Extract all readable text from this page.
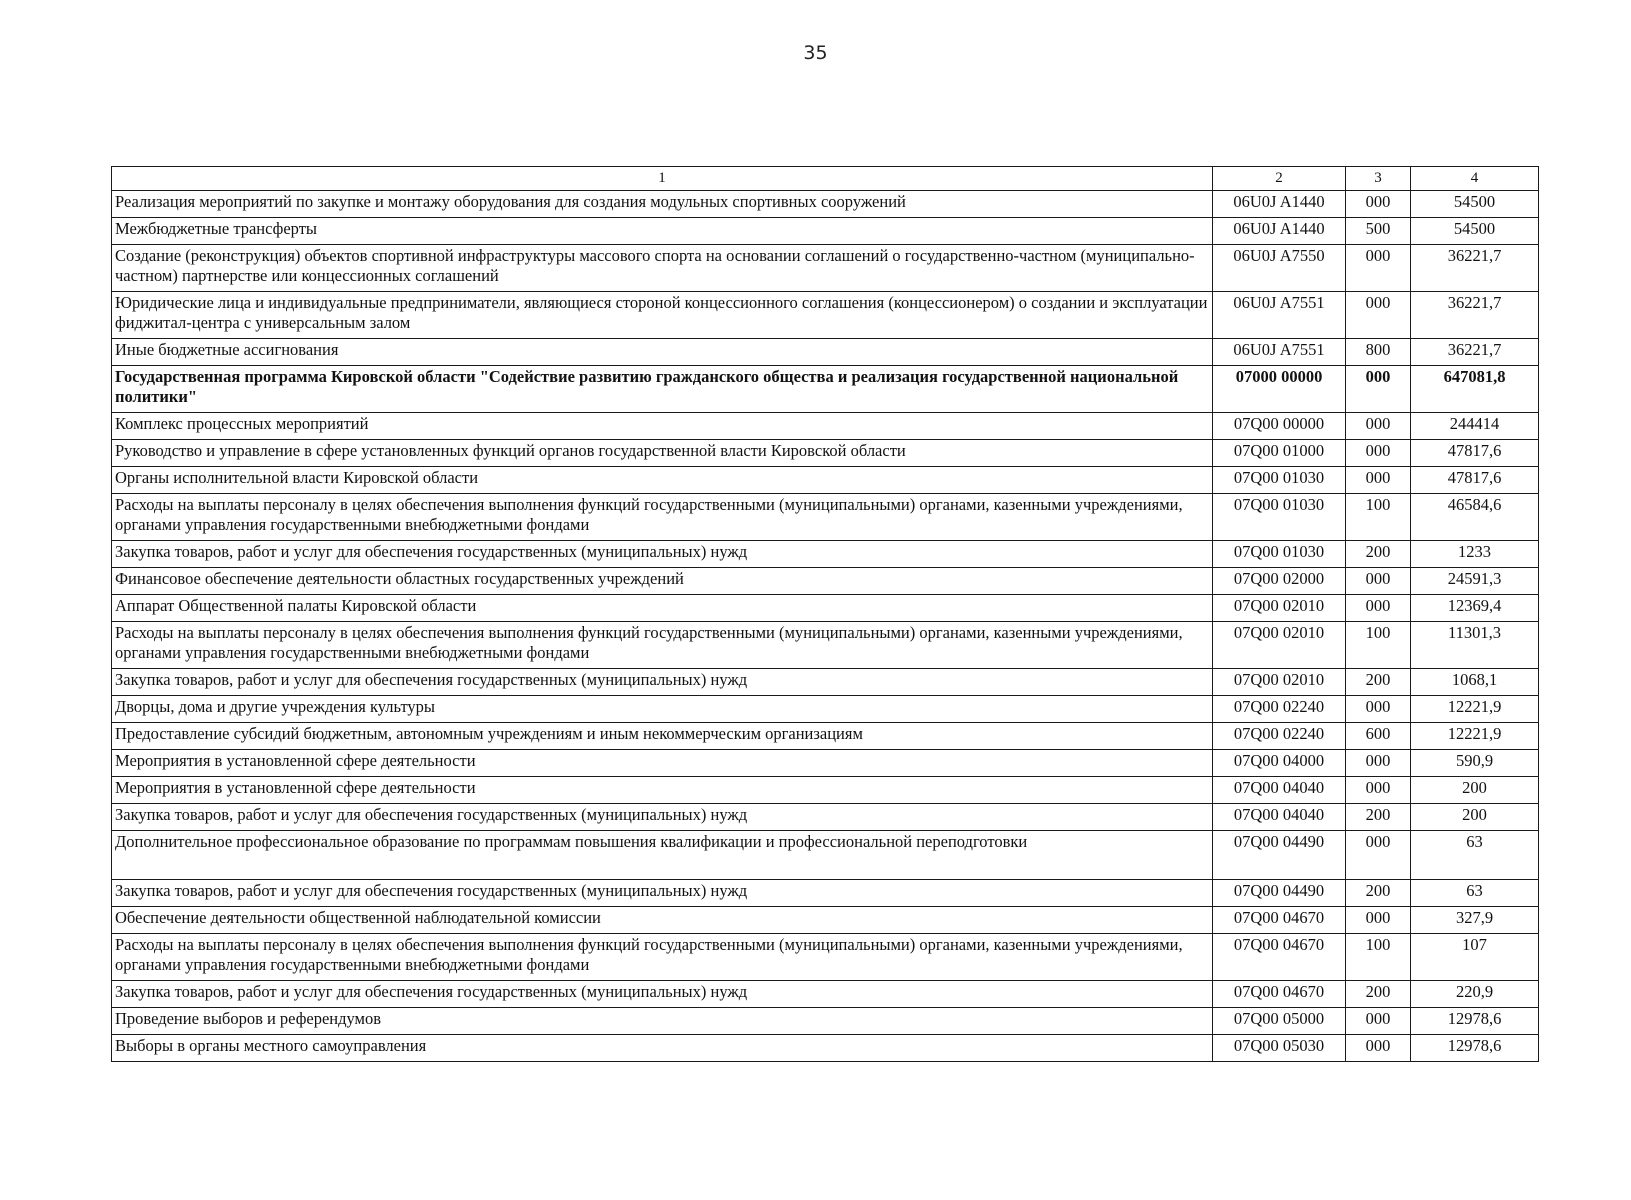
35
1	2	3	4
Реализация мероприятий по закупке и монтажу оборудования для создания модульных спортивных сооружений	06U0J A1440	000	54500
Межбюджетные трансферты	06U0J A1440	500	54500
Создание (реконструкция) объектов спортивной инфраструктуры массового спорта на основании соглашений о государственно-частном (муниципально-частном) партнерстве или концессионных соглашений	06U0J A7550	000	36221,7
Юридические лица и индивидуальные предприниматели, являющиеся стороной концессионного соглашения (концессионером) о создании и эксплуатации фиджитал-центра с универсальным залом	06U0J A7551	000	36221,7
Иные бюджетные ассигнования	06U0J A7551	800	36221,7
Государственная программа Кировской области "Содействие развитию гражданского общества и реализация государственной национальной политики"	07000 00000	000	647081,8
Комплекс процессных мероприятий	07Q00 00000	000	244414
Руководство и управление в сфере установленных функций органов государственной власти Кировской области	07Q00 01000	000	47817,6
Органы исполнительной власти Кировской области	07Q00 01030	000	47817,6
Расходы на выплаты персоналу в целях обеспечения выполнения функций государственными (муниципальными) органами, казенными учреждениями, органами управления государственными внебюджетными фондами	07Q00 01030	100	46584,6
Закупка товаров, работ и услуг для обеспечения государственных (муниципальных) нужд	07Q00 01030	200	1233
Финансовое обеспечение деятельности областных государственных учреждений	07Q00 02000	000	24591,3
Аппарат Общественной палаты Кировской области	07Q00 02010	000	12369,4
Расходы на выплаты персоналу в целях обеспечения выполнения функций государственными (муниципальными) органами, казенными учреждениями, органами управления государственными внебюджетными фондами	07Q00 02010	100	11301,3
Закупка товаров, работ и услуг для обеспечения государственных (муниципальных) нужд	07Q00 02010	200	1068,1
Дворцы, дома и другие учреждения культуры	07Q00 02240	000	12221,9
Предоставление субсидий бюджетным, автономным учреждениям и иным некоммерческим организациям	07Q00 02240	600	12221,9
Мероприятия в установленной сфере деятельности	07Q00 04000	000	590,9
Мероприятия в установленной сфере деятельности	07Q00 04040	000	200
Закупка товаров, работ и услуг для обеспечения государственных (муниципальных) нужд	07Q00 04040	200	200
Дополнительное профессиональное образование по программам повышения квалификации и профессиональной переподготовки	07Q00 04490	000	63
Закупка товаров, работ и услуг для обеспечения государственных (муниципальных) нужд	07Q00 04490	200	63
Обеспечение деятельности общественной наблюдательной комиссии	07Q00 04670	000	327,9
Расходы на выплаты персоналу в целях обеспечения выполнения функций государственными (муниципальными) органами, казенными учреждениями, органами управления государственными внебюджетными фондами	07Q00 04670	100	107
Закупка товаров, работ и услуг для обеспечения государственных (муниципальных) нужд	07Q00 04670	200	220,9
Проведение выборов и референдумов	07Q00 05000	000	12978,6
Выборы в органы местного самоуправления	07Q00 05030	000	12978,6
